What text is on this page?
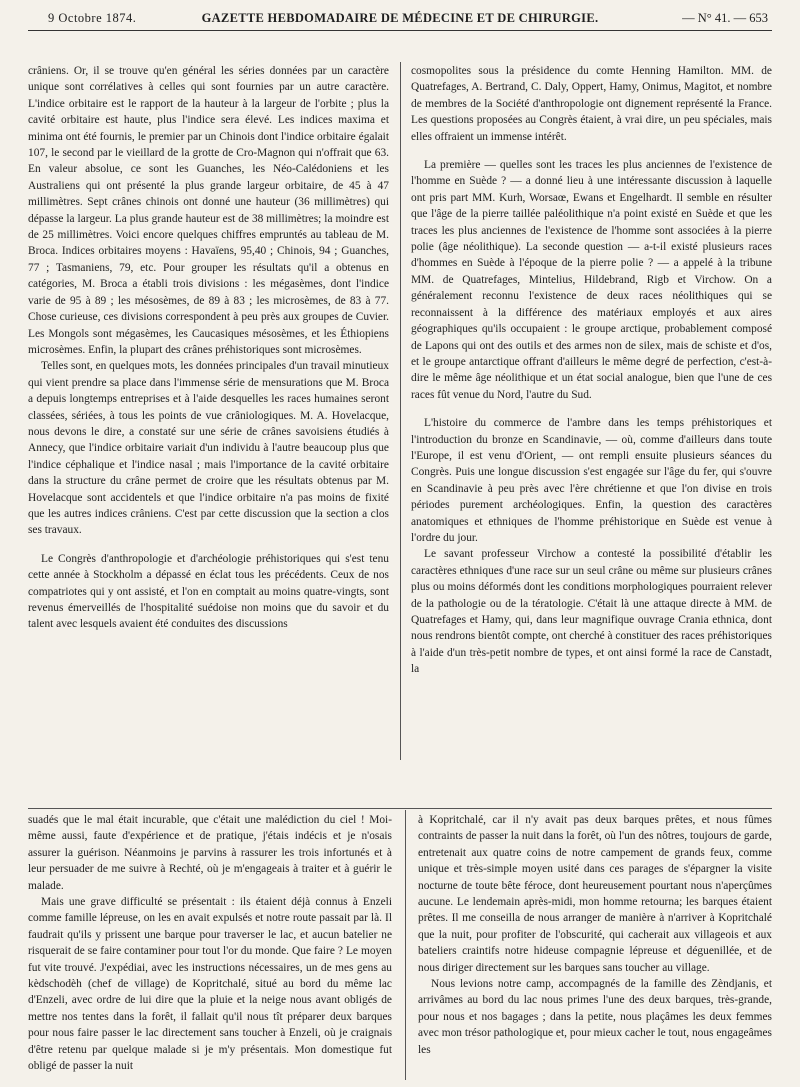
9 Octobre 1874.	GAZETTE HEBDOMADAIRE DE MÉDECINE ET DE CHIRURGIE.	— N° 41. — 653

crâniens. Or, il se trouve qu'en général les séries données par un caractère unique sont corrélatives à celles qui sont fournies par un autre caractère. L'indice orbitaire est le rapport de la hauteur à la largeur de l'orbite ; plus la cavité orbitaire est haute, plus l'indice sera élevé. Les indices maxima et minima ont été fournis, le premier par un Chinois dont l'indice orbitaire égalait 107, le second par le vieillard de la grotte de Cro-Magnon qui n'offrait que 63. En valeur absolue, ce sont les Guanches, les Néo-Calédoniens et les Australiens qui ont présenté la plus grande largeur orbitaire, de 45 à 47 millimètres. Sept crânes chinois ont donné une hauteur (36 millimètres) qui dépasse la largeur. La plus grande hauteur est de 38 millimètres; la moindre est de 25 millimètres. Voici encore quelques chiffres empruntés au tableau de M. Broca. Indices orbitaires moyens : Havaïens, 95,40 ; Chinois, 94 ; Guanches, 77 ; Tasmaniens, 79, etc. Pour grouper les résultats qu'il a obtenus en catégories, M. Broca a établi trois divisions : les mégasèmes, dont l'indice varie de 95 à 89 ; les mésosèmes, de 89 à 83 ; les microsèmes, de 83 à 77. Chose curieuse, ces divisions correspondent à peu près aux groupes de Cuvier. Les Mongols sont mégasèmes, les Caucasiques mésosèmes, et les Éthiopiens microsèmes. Enfin, la plupart des crânes préhistoriques sont microsèmes.

Telles sont, en quelques mots, les données principales d'un travail minutieux qui vient prendre sa place dans l'immense série de mensurations que M. Broca a depuis longtemps entreprises et à l'aide desquelles les races humaines seront classées, sériées, à tous les points de vue crâniologiques. M. A. Hovelacque, nous devons le dire, a constaté sur une série de crânes savoisiens étudiés à Annecy, que l'indice orbitaire variait d'un individu à l'autre beaucoup plus que l'indice céphalique et l'indice nasal ; mais l'importance de la cavité orbitaire dans la structure du crâne permet de croire que les résultats obtenus par M. Hovelacque sont accidentels et que l'indice orbitaire n'a pas moins de fixité que les autres indices crâniens. C'est par cette discussion que la section a clos ses travaux.

Le Congrès d'anthropologie et d'archéologie préhistoriques qui s'est tenu cette année à Stockholm a dépassé en éclat tous les précédents. Ceux de nos compatriotes qui y ont assisté, et l'on en comptait au moins quatre-vingts, sont revenus émerveillés de l'hospitalité suédoise non moins que du savoir et du talent avec lesquels avaient été conduites des discussions

cosmopolites sous la présidence du comte Henning Hamilton. MM. de Quatrefages, A. Bertrand, C. Daly, Oppert, Hamy, Onimus, Magitot, et nombre de membres de la Société d'anthropologie ont dignement représenté la France. Les questions proposées au Congrès étaient, à vrai dire, un peu spéciales, mais elles offraient un immense intérêt.

La première — quelles sont les traces les plus anciennes de l'existence de l'homme en Suède ? — a donné lieu à une intéressante discussion à laquelle ont pris part MM. Kurh, Worsaœ, Ewans et Engelhardt. Il semble en résulter que l'âge de la pierre taillée paléolithique n'a point existé en Suède et que les traces les plus anciennes de l'existence de l'homme sont associées à la pierre polie (âge néolithique). La seconde question — a-t-il existé plusieurs races d'hommes en Suède à l'époque de la pierre polie ? — a appelé à la tribune MM. de Quatrefages, Mintelius, Hildebrand, Rigb et Virchow. On a généralement reconnu l'existence de deux races néolithiques qui se reconnaissent à la différence des matériaux employés et aux aires géographiques qu'ils occupaient : le groupe arctique, probablement composé de Lapons qui ont des outils et des armes non de silex, mais de schiste et d'os, et le groupe antarctique offrant d'ailleurs le même degré de perfection, c'est-à-dire le même âge néolithique et un état social analogue, bien que l'une de ces races fût venue du Nord, l'autre du Sud.

L'histoire du commerce de l'ambre dans les temps préhistoriques et l'introduction du bronze en Scandinavie, — où, comme d'ailleurs dans toute l'Europe, il est venu d'Orient, — ont rempli ensuite plusieurs séances du Congrès. Puis une longue discussion s'est engagée sur l'âge du fer, qui s'ouvre en Scandinavie à peu près avec l'ère chrétienne et que l'on divise en trois périodes purement archéologiques. Enfin, la question des caractères anatomiques et ethniques de l'homme préhistorique en Suède est venue à l'ordre du jour.

Le savant professeur Virchow a contesté la possibilité d'établir les caractères ethniques d'une race sur un seul crâne ou même sur plusieurs crânes plus ou moins déformés dont les conditions morphologiques pourraient relever de la pathologie ou de la tératologie. C'était là une attaque directe à MM. de Quatrefages et Hamy, qui, dans leur magnifique ouvrage Crania ethnica, dont nous rendrons bientôt compte, ont cherché à constituer des races préhistoriques à l'aide d'un très-petit nombre de types, et ont ainsi formé la race de Canstadt, la

suadés que le mal était incurable, que c'était une malédiction du ciel ! Moi-même aussi, faute d'expérience et de pratique, j'étais indécis et je n'osais assurer la guérison. Néanmoins je parvins à rassurer les trois infortunés et à leur persuader de me suivre à Rechté, où je m'engageais à traiter et à guérir le malade.

Mais une grave difficulté se présentait : ils étaient déjà connus à Enzeli comme famille lépreuse, on les en avait expulsés et notre route passait par là. Il faudrait qu'ils y prissent une barque pour traverser le lac, et aucun batelier ne risquerait de se faire contaminer pour tout l'or du monde. Que faire ? Le moyen fut vite trouvé. J'expédiai, avec les instructions nécessaires, un de mes gens au kèdschodèh (chef de village) de Kopritchalé, situé au bord du même lac d'Enzeli, avec ordre de lui dire que la pluie et la neige nous avant obligés de mettre nos tentes dans la forêt, il fallait qu'il nous tît préparer deux barques pour nous faire passer le lac directement sans toucher à Enzeli, où je craignais d'être retenu par quelque malade si je m'y présentais. Mon domestique fut obligé de passer la nuit

à Kopritchalé, car il n'y avait pas deux barques prêtes, et nous fûmes contraints de passer la nuit dans la forêt, où l'un des nôtres, toujours de garde, entretenait aux quatre coins de notre campement de grands feux, comme unique et très-simple moyen usité dans ces parages de s'épargner la visite nocturne de toute bête féroce, dont heureusement pourtant nous n'aperçûmes aucune. Le lendemain après-midi, mon homme retourna; les barques étaient prêtes. Il me conseilla de nous arranger de manière à n'arriver à Kopritchalé que la nuit, pour profiter de l'obscurité, qui cacherait aux villageois et aux bateliers craintifs notre hideuse compagnie lépreuse et déguenillée, et de nous diriger directement sur les barques sans toucher au village.

Nous levions notre camp, accompagnés de la famille des Zèndjanis, et arrivâmes au bord du lac nous primes l'une des deux barques, très-grande, pour nous et nos bagages ; dans la petite, nous plaçâmes les deux femmes avec mon trésor pathologique et, pour mieux cacher le tout, nous engageâmes les
